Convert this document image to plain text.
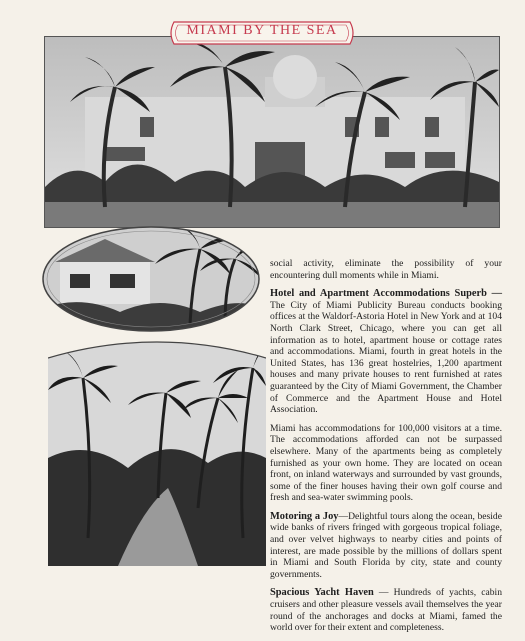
MIAMI BY THE SEA

social activity, eliminate the possibility of your encountering dull moments while in Miami.

Hotel and Apartment Accommodations Superb — The City of Miami Publicity Bureau conducts booking offices at the Waldorf-Astoria Hotel in New York and at 104 North Clark Street, Chicago, where you can get all information as to hotel, apartment house or cottage rates and accommodations. Miami, fourth in great hotels in the United States, has 136 great hostelries, 1,200 apartment houses and many private houses to rent furnished at rates guaranteed by the City of Miami Government, the Chamber of Commerce and the Apartment House and Hotel Association.

Miami has accommodations for 100,000 visitors at a time. The accommodations afforded can not be surpassed elsewhere. Many of the apartments being as completely furnished as your own home. They are located on ocean front, on inland waterways and surrounded by vast grounds, some of the finer houses having their own golf course and fresh and sea-water swimming pools.

Motoring a Joy—Delightful tours along the ocean, beside wide banks of rivers fringed with gorgeous tropical foliage, and over velvet highways to nearby cities and points of interest, are made possible by the millions of dollars spent in Miami and South Florida by city, state and county governments.

Spacious Yacht Haven — Hundreds of yachts, cabin cruisers and other pleasure vessels avail themselves the year round of the anchorages and docks at Miami, famed the world over for their extent and completeness.
